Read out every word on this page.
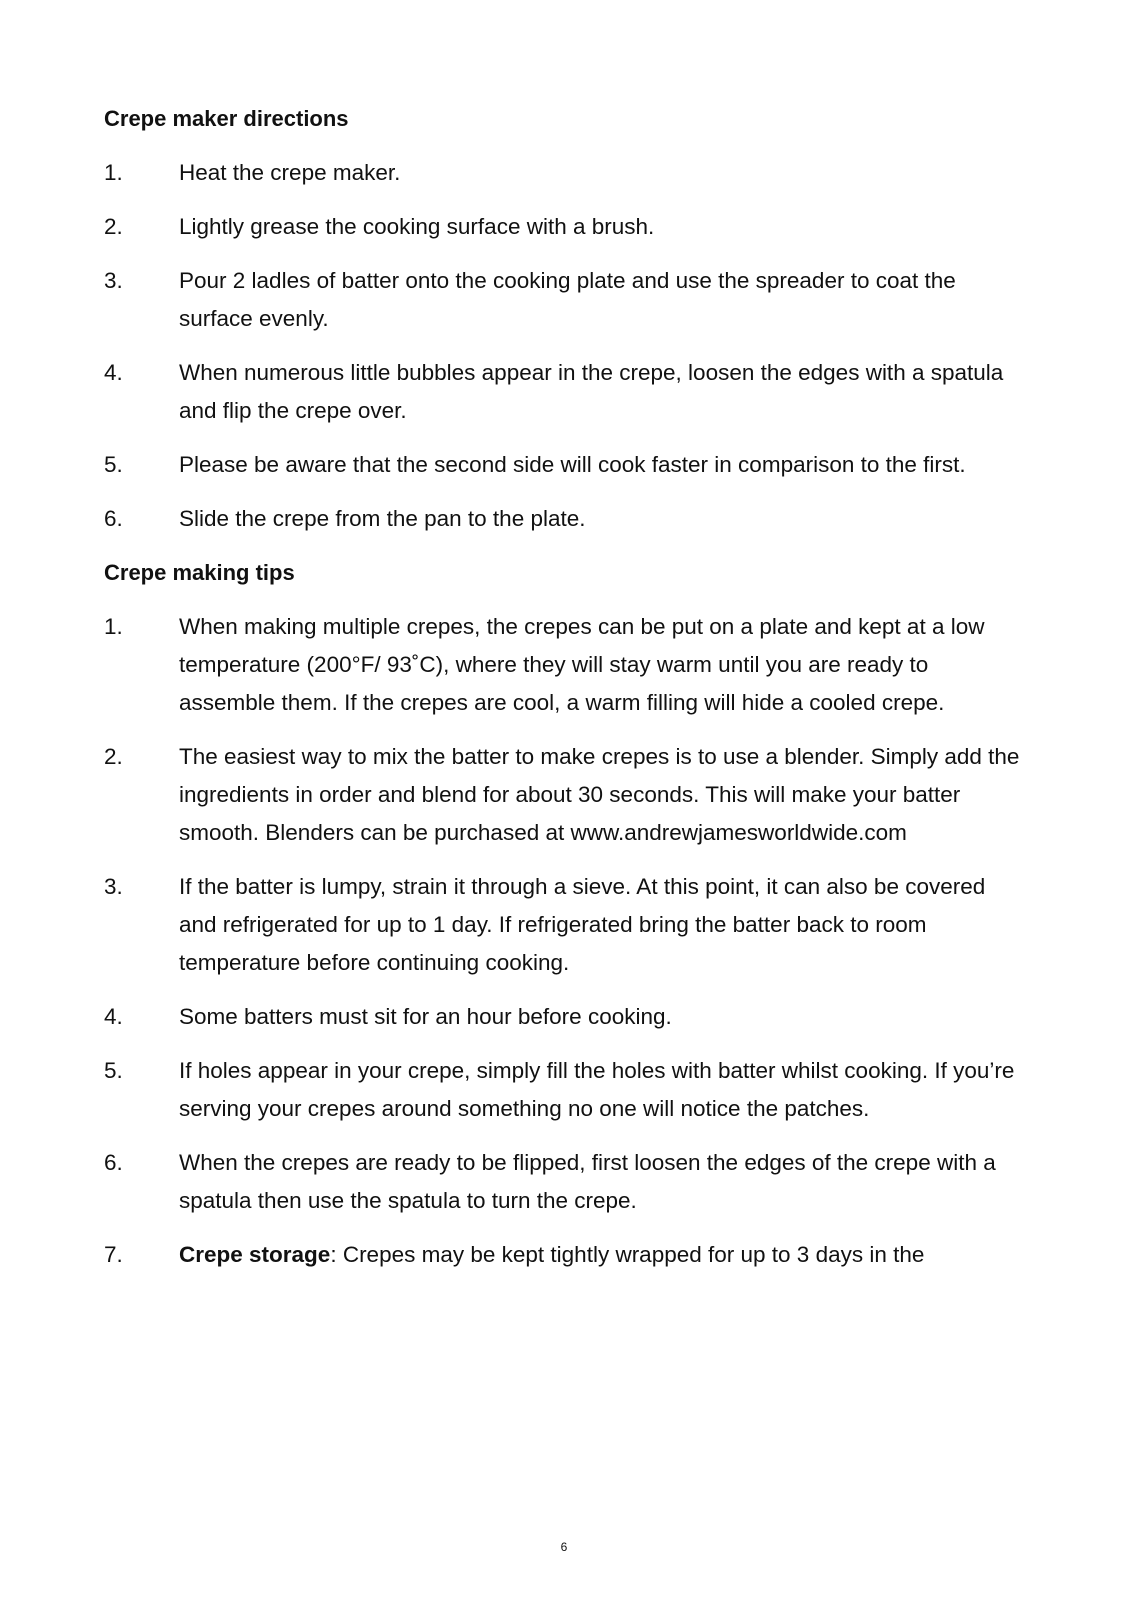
Crepe maker directions
1.	Heat the crepe maker.
2.	Lightly grease the cooking surface with a brush.
3.	Pour 2 ladles of batter onto the cooking plate and use the spreader to coat the surface evenly.
4.	When numerous little bubbles appear in the crepe, loosen the edges with a spatula and flip the crepe over.
5.	Please be aware that the second side will cook faster in comparison to the first.
6.	Slide the crepe from the pan to the plate.
Crepe making tips
1.	When making multiple crepes, the crepes can be put on a plate and kept at a low temperature (200°F/ 93˚C), where they will stay warm until you are ready to assemble them. If the crepes are cool, a warm filling will hide a cooled crepe.
2.	The easiest way to mix the batter to make crepes is to use a blender. Simply add the ingredients in order and blend for about 30 seconds. This will make your batter smooth. Blenders can be purchased at www.andrewjamesworldwide.com
3.	If the batter is lumpy, strain it through a sieve. At this point, it can also be covered and refrigerated for up to 1 day. If refrigerated bring the batter back to room temperature before continuing cooking.
4.	Some batters must sit for an hour before cooking.
5.	If holes appear in your crepe, simply fill the holes with batter whilst cooking. If you’re serving your crepes around something no one will notice the patches.
6.	When the crepes are ready to be flipped, first loosen the edges of the crepe with a spatula then use the spatula to turn the crepe.
7.	Crepe storage: Crepes may be kept tightly wrapped for up to 3 days in the
6
